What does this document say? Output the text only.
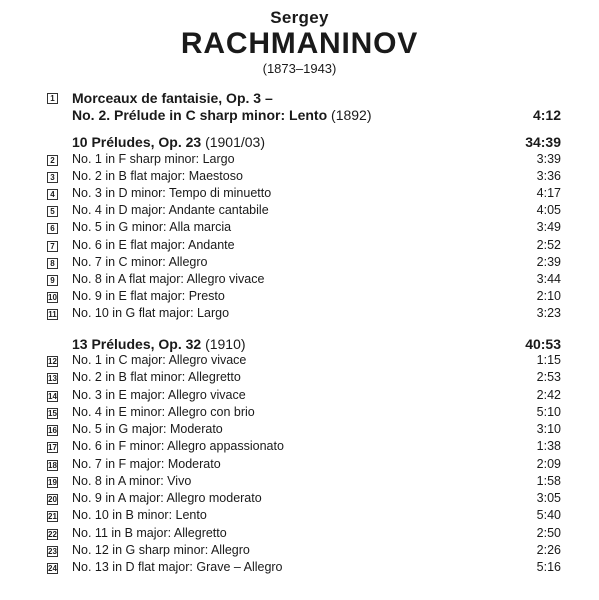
Sergey
RACHMANINOV
(1873–1943)
1 Morceaux de fantaisie, Op. 3 –
No. 2. Prélude in C sharp minor: Lento (1892)	4:12
10 Préludes, Op. 23 (1901/03)	34:39
2 No. 1 in F sharp minor: Largo	3:39
3 No. 2 in B flat major: Maestoso	3:36
4 No. 3 in D minor: Tempo di minuetto	4:17
5 No. 4 in D major: Andante cantabile	4:05
6 No. 5 in G minor: Alla marcia	3:49
7 No. 6 in E flat major: Andante	2:52
8 No. 7 in C minor: Allegro	2:39
9 No. 8 in A flat major: Allegro vivace	3:44
10 No. 9 in E flat major: Presto	2:10
11 No. 10 in G flat major: Largo	3:23
13 Préludes, Op. 32 (1910)	40:53
12 No. 1 in C major: Allegro vivace	1:15
13 No. 2 in B flat minor: Allegretto	2:53
14 No. 3 in E major: Allegro vivace	2:42
15 No. 4 in E minor: Allegro con brio	5:10
16 No. 5 in G major: Moderato	3:10
17 No. 6 in F minor: Allegro appassionato	1:38
18 No. 7 in F major: Moderato	2:09
19 No. 8 in A minor: Vivo	1:58
20 No. 9 in A major: Allegro moderato	3:05
21 No. 10 in B minor: Lento	5:40
22 No. 11 in B major: Allegretto	2:50
23 No. 12 in G sharp minor: Allegro	2:26
24 No. 13 in D flat major: Grave – Allegro	5:16
